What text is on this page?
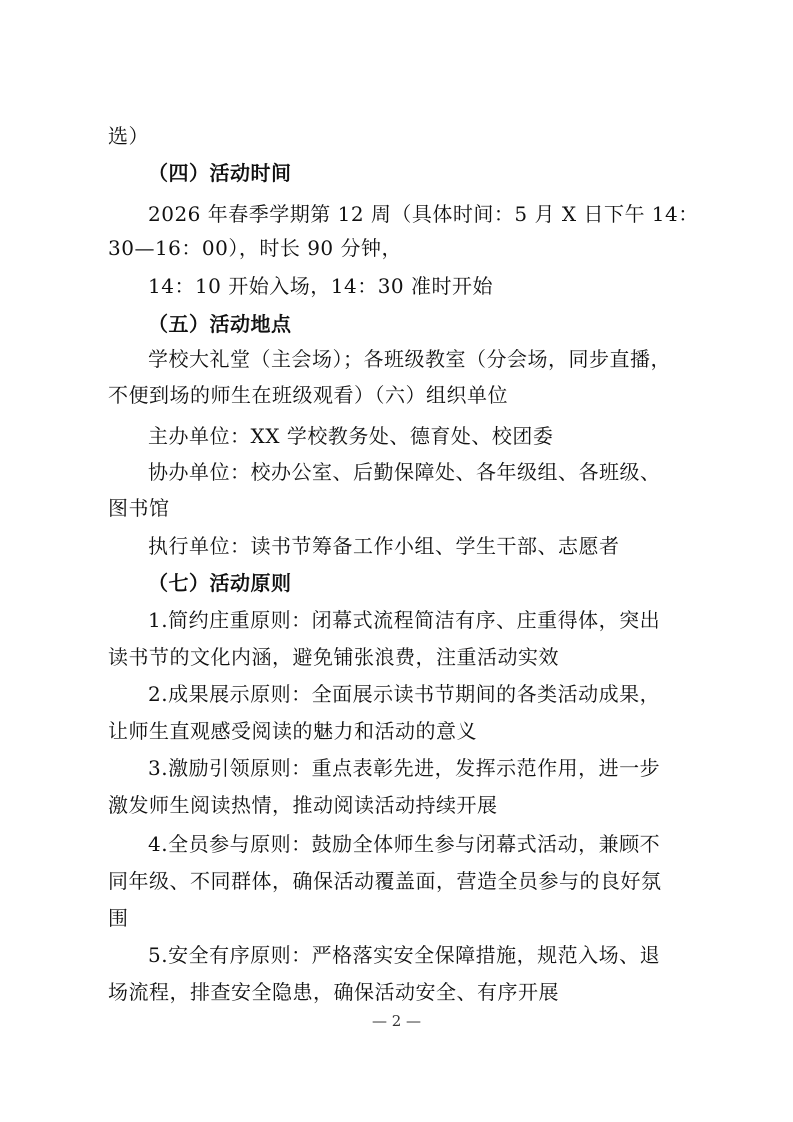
选）
（四）活动时间
2026 年春季学期第 12 周（具体时间：5 月 X 日下午 14：
30—16：00），时长 90 分钟，
14：10 开始入场，14：30 准时开始
（五）活动地点
学校大礼堂（主会场）；各班级教室（分会场，同步直播，
不便到场的师生在班级观看）（六）组织单位
主办单位：XX 学校教务处、德育处、校团委
协办单位：校办公室、后勤保障处、各年级组、各班级、
图书馆
执行单位：读书节筹备工作小组、学生干部、志愿者
（七）活动原则
1.简约庄重原则：闭幕式流程简洁有序、庄重得体，突出
读书节的文化内涵，避免铺张浪费，注重活动实效
2.成果展示原则：全面展示读书节期间的各类活动成果，
让师生直观感受阅读的魅力和活动的意义
3.激励引领原则：重点表彰先进，发挥示范作用，进一步
激发师生阅读热情，推动阅读活动持续开展
4.全员参与原则：鼓励全体师生参与闭幕式活动，兼顾不
同年级、不同群体，确保活动覆盖面，营造全员参与的良好氛
围
5.安全有序原则：严格落实安全保障措施，规范入场、退
场流程，排查安全隐患，确保活动安全、有序开展
— 2 —
